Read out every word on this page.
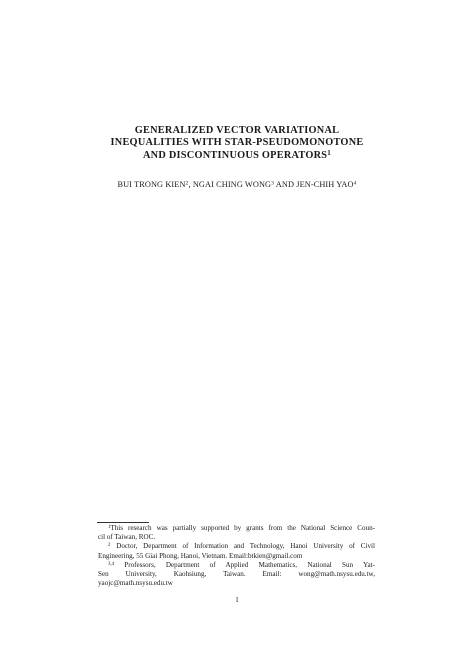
GENERALIZED VECTOR VARIATIONAL
INEQUALITIES WITH STAR-PSEUDOMONOTONE
AND DISCONTINUOUS OPERATORS$^1$
BUI TRONG KIEN$^2$, NGAI CHING WONG$^3$ AND JEN-CHIH YAO$^4$

$^1$This research was partially supported by grants from the National Science Coun-
cil of Taiwan, ROC.

$^2$ Doctor, Department of Information and Technology, Hanoi University of Civil
Engineering, 55 Giai Phong, Hanoi, Vietnam. Email:btkien@gmail.com

$^{3,4}$ Professors, Department of Applied Mathematics, National Sun Yat-
Sen University, Kaohsiung, Taiwan. Email: wong@math.nsysu.edu.tw,
yaojc@math.nsysu.edu.tw

1
